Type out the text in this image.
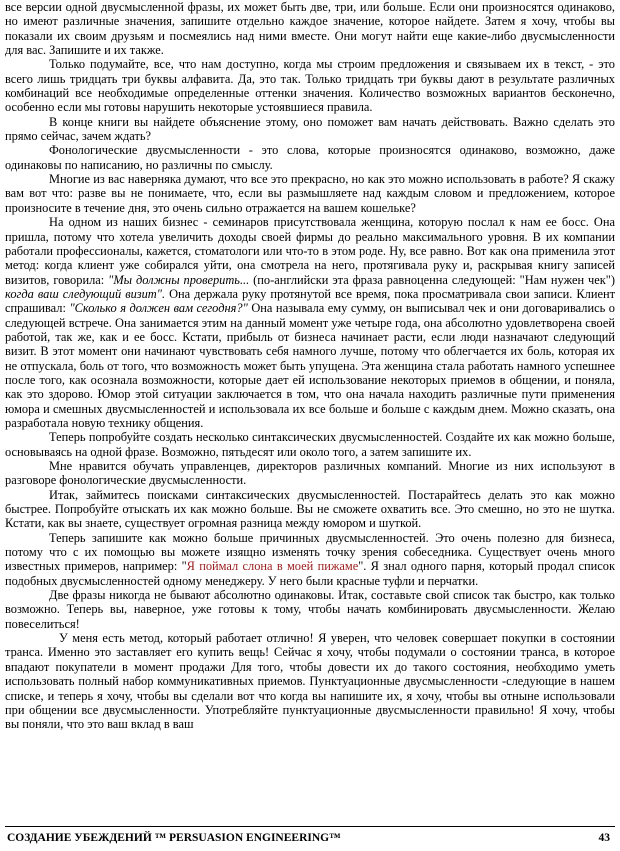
все версии одной двусмысленной фразы, их может быть две, три, или больше. Если они произносятся одинаково, но имеют различные значения, запишите отдельно каждое значение, которое найдете. Затем я хочу, чтобы вы показали их своим друзьям и посмеялись над ними вместе. Они могут найти еще какие-либо двусмысленности для вас. Запишите и их также.

Только подумайте, все, что нам доступно, когда мы строим предложения и связываем их в текст, - это всего лишь тридцать три буквы алфавита. Да, это так. Только тридцать три буквы дают в результате различных комбинаций все необходимые определенные оттенки значения. Количество возможных вариантов бесконечно, особенно если мы готовы нарушить некоторые устоявшиеся правила.

В конце книги вы найдете объяснение этому, оно поможет вам начать действовать. Важно сделать это прямо сейчас, зачем ждать?

Фонологические двусмысленности - это слова, которые произносятся одинаково, возможно, даже одинаковы по написанию, но различны по смыслу.

Многие из вас наверняка думают, что все это прекрасно, но как это можно использовать в работе? Я скажу вам вот что: разве вы не понимаете, что, если вы размышляете над каждым словом и предложением, которое произносите в течение дня, это очень сильно отражается на вашем кошельке?

На одном из наших бизнес - семинаров присутствовала женщина, которую послал к нам ее босс. Она пришла, потому что хотела увеличить доходы своей фирмы до реально максимального уровня. В их компании работали профессионалы, кажется, стоматологи или что-то в этом роде. Ну, все равно. Вот как она применила этот метод: когда клиент уже собирался уйти, она смотрела на него, протягивала руку и, раскрывая книгу записей визитов, говорила: "Мы должны проверить... (по-английски эта фраза равноценна следующей: "Нам нужен чек") когда ваш следующий визит". Она держала руку протянутой все время, пока просматривала свои записи. Клиент спрашивал: "Сколько я должен вам сегодня?" Она называла ему сумму, он выписывал чек и они договаривались о следующей встрече. Она занимается этим на данный момент уже четыре года, она абсолютно удовлетворена своей работой, так же, как и ее босс. Кстати, прибыль от бизнеса начинает расти, если люди назначают следующий визит. В этот момент они начинают чувствовать себя намного лучше, потому что облегчается их боль, которая их не отпускала, боль от того, что возможность может быть упущена. Эта женщина стала работать намного успешнее после того, как осознала возможности, которые дает ей использование некоторых приемов в общении, и поняла, как это здорово. Юмор этой ситуации заключается в том, что она начала находить различные пути применения юмора и смешных двусмысленностей и использовала их все больше и больше с каждым днем. Можно сказать, она разработала новую технику общения.

Теперь попробуйте создать несколько синтаксических двусмысленностей. Создайте их как можно больше, основываясь на одной фразе. Возможно, пятьдесят или около того, а затем запишите их.

Мне нравится обучать управленцев, директоров различных компаний. Многие из них используют в разговоре фонологические двусмысленности.

Итак, займитесь поисками синтаксических двусмысленностей. Постарайтесь делать это как можно быстрее. Попробуйте отыскать их как можно больше. Вы не сможете охватить все. Это смешно, но это не шутка. Кстати, как вы знаете, существует огромная разница между юмором и шуткой.

Теперь запишите как можно больше причинных двусмысленностей. Это очень полезно для бизнеса, потому что с их помощью вы можете изящно изменять точку зрения собеседника. Существует очень много известных примеров, например: "Я поймал слона в моей пижаме". Я знал одного парня, который продал список подобных двусмысленностей одному менеджеру. У него были красные туфли и перчатки.

Две фразы никогда не бывают абсолютно одинаковы. Итак, составьте свой список так быстро, как только возможно. Теперь вы, наверное, уже готовы к тому, чтобы начать комбинировать двусмысленности. Желаю повеселиться!

У меня есть метод, который работает отлично! Я уверен, что человек совершает покупки в состоянии транса. Именно это заставляет его купить вещь! Сейчас я хочу, чтобы подумали о состоянии транса, в которое впадают покупатели в момент продажи Для того, чтобы довести их до такого состояния, необходимо уметь использовать полный набор коммуникативных приемов. Пунктуационные двусмысленности -следующие в нашем списке, и теперь я хочу, чтобы вы сделали вот что когда вы напишите их, я хочу, чтобы вы отныне использовали при общении все двусмысленности. Употребляйте пунктуационные двусмысленности правильно! Я хочу, чтобы вы поняли, что это ваш вклад в ваш

СОЗДАНИЕ УБЕЖДЕНИЙ ™ PERSUASION ENGINEERING™	43
